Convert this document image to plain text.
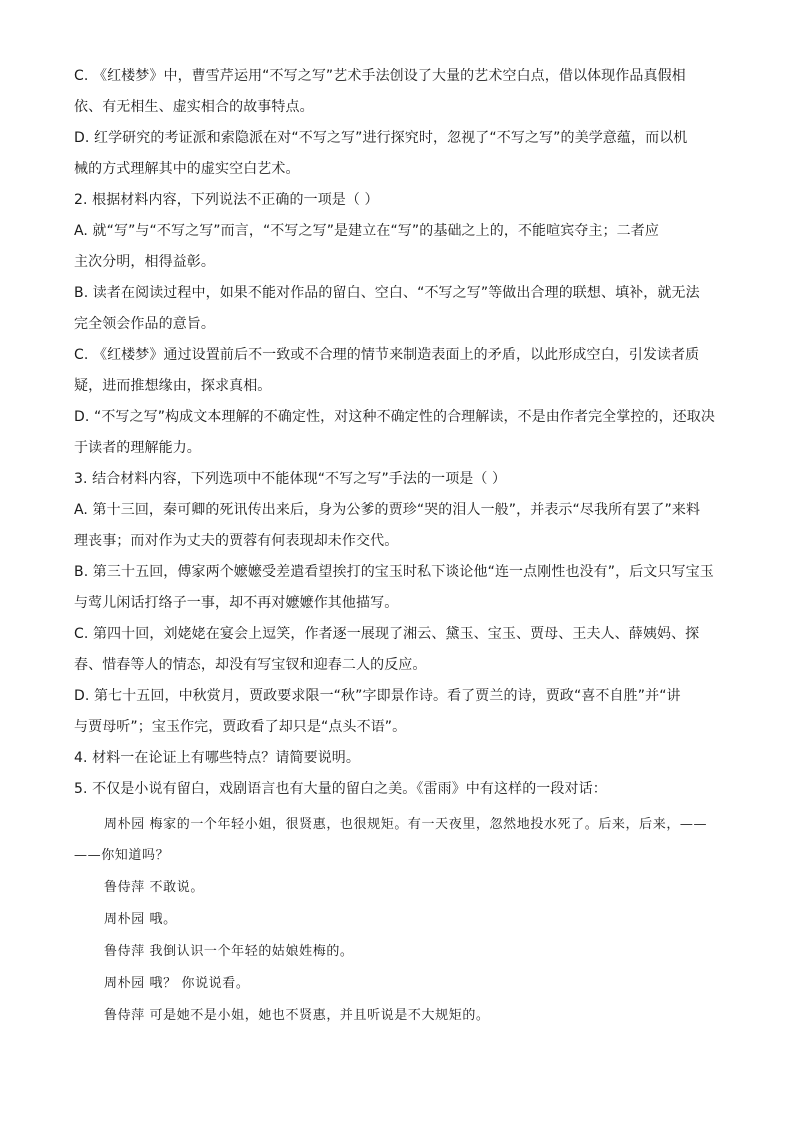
C. 《红楼梦》中，曹雪芹运用“不写之写”艺术手法创设了大量的艺术空白点，借以体现作品真假相
依、有无相生、虚实相合的故事特点。
D. 红学研究的考证派和索隐派在对“不写之写”进行探究时，忽视了“不写之写”的美学意蕴，而以机
械的方式理解其中的虚实空白艺术。
2. 根据材料内容，下列说法不正确的一项是（ ）
A. 就“写”与“不写之写”而言，“不写之写”是建立在“写”的基础之上的，不能喧宾夺主；二者应
主次分明，相得益彰。
B. 读者在阅读过程中，如果不能对作品的留白、空白、“不写之写”等做出合理的联想、填补，就无法
完全领会作品的意旨。
C. 《红楼梦》通过设置前后不一致或不合理的情节来制造表面上的矛盾，以此形成空白，引发读者质
疑，进而推想缘由，探求真相。
D. “不写之写”构成文本理解的不确定性，对这种不确定性的合理解读，不是由作者完全掌控的，还取决
于读者的理解能力。
3. 结合材料内容，下列选项中不能体现“不写之写”手法的一项是（ ）
A. 第十三回，秦可卿的死讯传出来后，身为公爹的贾珍“哭的泪人一般”，并表示“尽我所有罢了”来料
理丧事；而对作为丈夫的贾蓉有何表现却未作交代。
B. 第三十五回，傅家两个嬷嬷受差遣看望挨打的宝玉时私下谈论他“连一点刚性也没有”，后文只写宝玉
与莺儿闲话打络子一事，却不再对嬷嬷作其他描写。
C. 第四十回，刘姥姥在宴会上逗笑，作者逐一展现了湘云、黛玉、宝玉、贾母、王夫人、薛姨妈、探
春、惜春等人的情态，却没有写宝钗和迎春二人的反应。
D. 第七十五回，中秋赏月，贾政要求限一“秋”字即景作诗。看了贾兰的诗，贾政“喜不自胜”并“讲
与贾母听”；宝玉作完，贾政看了却只是“点头不语”。
4. 材料一在论证上有哪些特点？请简要说明。
5. 不仅是小说有留白，戏剧语言也有大量的留白之美。《雷雨》中有这样的一段对话：
周朴园 梅家的一个年轻小姐，很贤惠，也很规矩。有一天夜里，忽然地投水死了。后来，后来，——
——你知道吗？
鲁侍萍 不敢说。
周朴园 哦。
鲁侍萍 我倒认识一个年轻的姑娘姓梅的。
周朴园 哦？ 你说说看。
鲁侍萍 可是她不是小姐，她也不贤惠，并且听说是不大规矩的。
